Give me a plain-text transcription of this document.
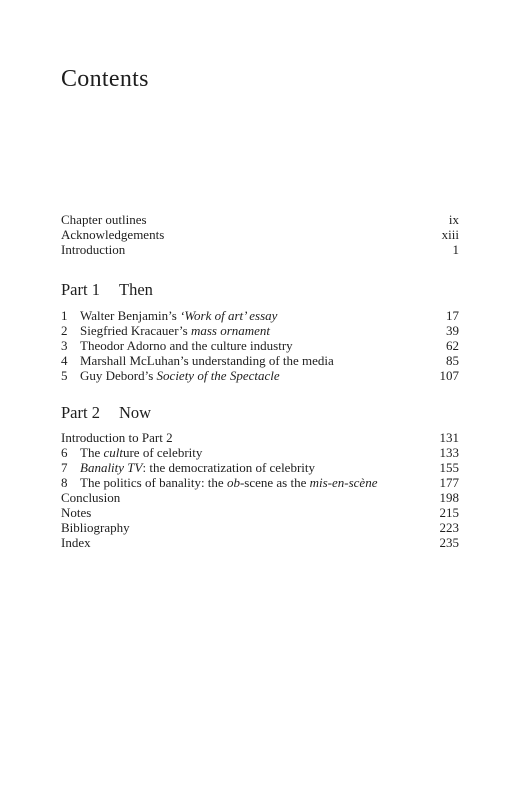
Contents
Chapter outlines	ix
Acknowledgements	xiii
Introduction	1
Part 1	Then
1 Walter Benjamin’s ‘Work of art’ essay	17
2 Siegfried Kracauer’s mass ornament	39
3 Theodor Adorno and the culture industry	62
4 Marshall McLuhan’s understanding of the media	85
5 Guy Debord’s Society of the Spectacle	107
Part 2	Now
Introduction to Part 2	131
6 The culture of celebrity	133
7 Banality TV: the democratization of celebrity	155
8 The politics of banality: the ob-scene as the mis-en-scène	177
Conclusion	198
Notes	215
Bibliography	223
Index	235
